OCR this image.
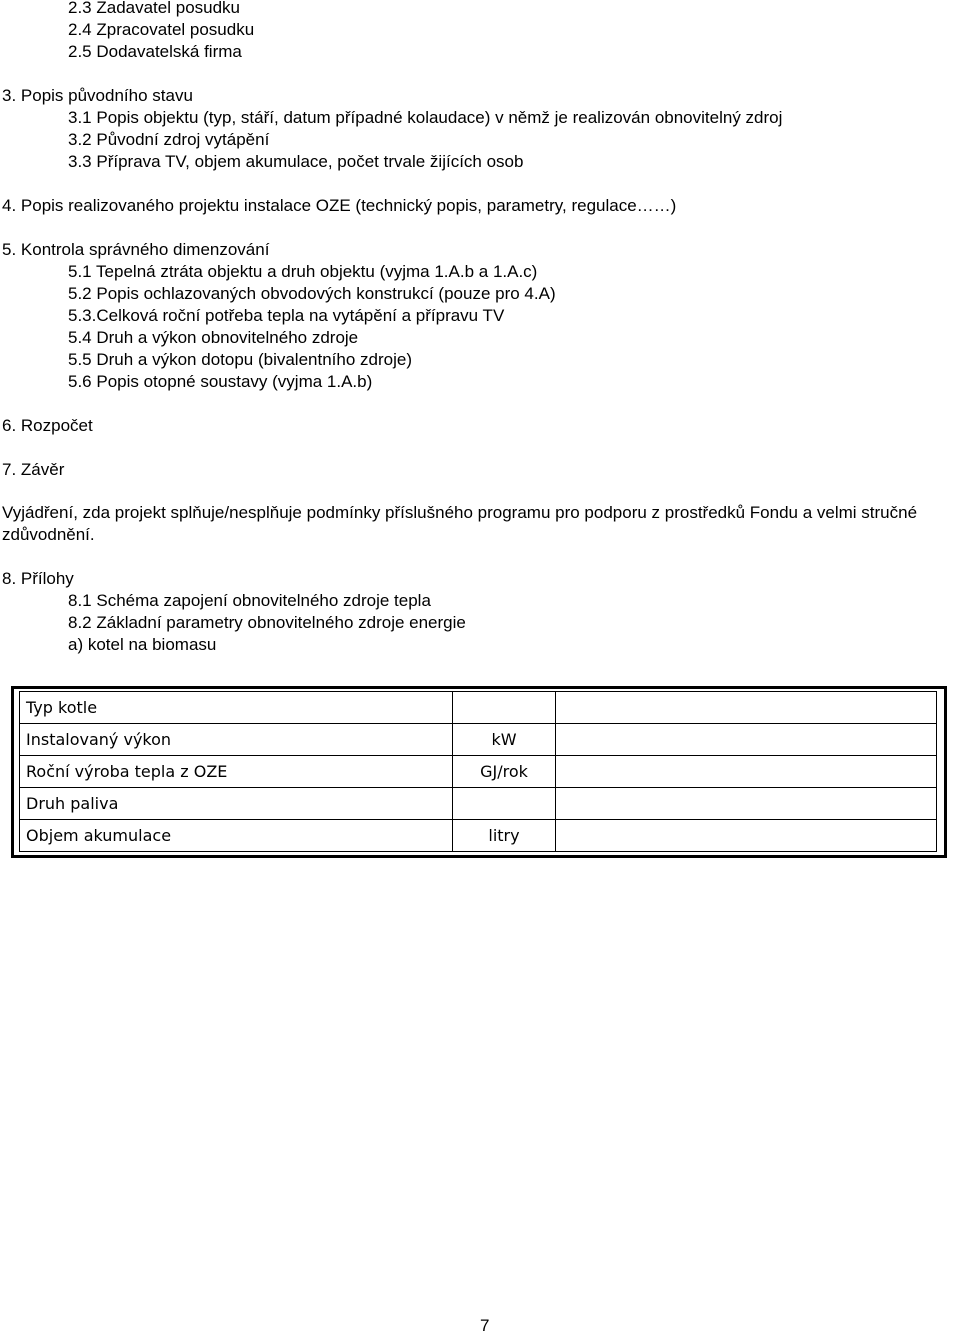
2.3 Zadavatel posudku
2.4 Zpracovatel posudku
2.5 Dodavatelská firma
3. Popis původního stavu
3.1 Popis objektu (typ, stáří, datum případné kolaudace) v němž je realizován obnovitelný zdroj
3.2 Původní zdroj vytápění
3.3 Příprava TV, objem akumulace, počet trvale žijících osob
4. Popis realizovaného projektu instalace OZE (technický popis, parametry, regulace……)
5. Kontrola správného dimenzování
5.1 Tepelná ztráta objektu a druh objektu (vyjma 1.A.b a 1.A.c)
5.2 Popis ochlazovaných obvodových konstrukcí (pouze pro 4.A)
5.3.Celková roční potřeba tepla na vytápění a přípravu TV
5.4 Druh a výkon obnovitelného zdroje
5.5 Druh a výkon dotopu (bivalentního zdroje)
5.6 Popis otopné soustavy (vyjma 1.A.b)
6. Rozpočet
7. Závěr
Vyjádření, zda projekt splňuje/nesplňuje podmínky příslušného programu pro podporu z prostředků Fondu a velmi stručné zdůvodnění.
8. Přílohy
8.1 Schéma zapojení obnovitelného zdroje tepla
8.2 Základní parametry obnovitelného zdroje energie
a) kotel na biomasu
Typ kotle		
Instalovaný výkon	kW	
Roční výroba tepla z OZE	GJ/rok	
Druh paliva		
Objem akumulace	litry	
7
